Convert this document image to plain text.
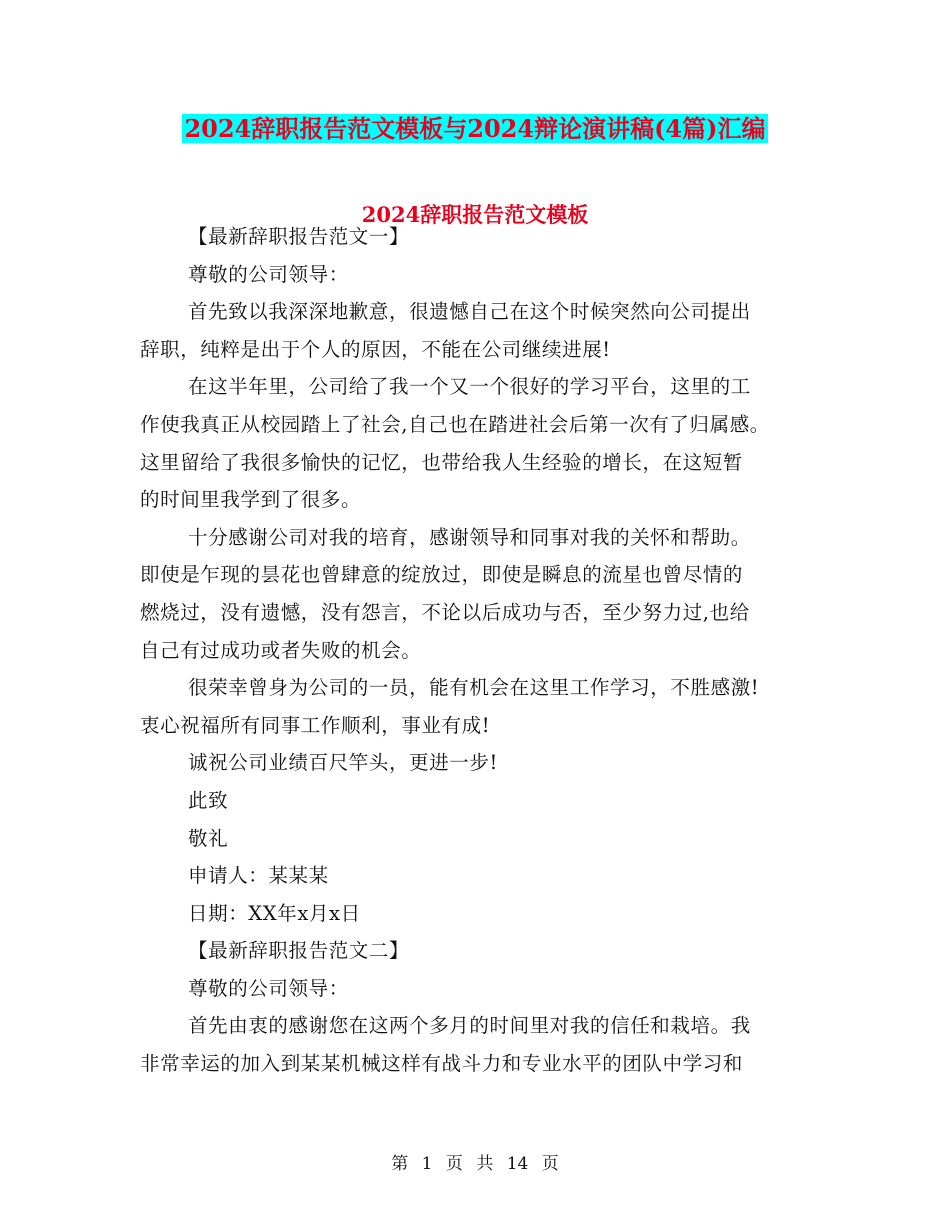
2024辞职报告范文模板与2024辩论演讲稿(4篇)汇编
2024辞职报告范文模板

【最新辞职报告范文一】

尊敬的公司领导：

首先致以我深深地歉意，很遗憾自己在这个时候突然向公司提出

辞职，纯粹是出于个人的原因，不能在公司继续进展!

在这半年里，公司给了我一个又一个很好的学习平台，这里的工

作使我真正从校园踏上了社会,自己也在踏进社会后第一次有了归属感。

这里留给了我很多愉快的记忆，也带给我人生经验的增长，在这短暂

的时间里我学到了很多。

十分感谢公司对我的培育，感谢领导和同事对我的关怀和帮助。

即使是乍现的昙花也曾肆意的绽放过，即使是瞬息的流星也曾尽情的

燃烧过，没有遗憾，没有怨言，不论以后成功与否，至少努力过,也给

自己有过成功或者失败的机会。

很荣幸曾身为公司的一员，能有机会在这里工作学习，不胜感激!

衷心祝福所有同事工作顺利，事业有成!

诚祝公司业绩百尺竿头，更进一步!

此致

敬礼

申请人：某某某

日期：XX年x月x日

【最新辞职报告范文二】

尊敬的公司领导：

首先由衷的感谢您在这两个多月的时间里对我的信任和栽培。我

非常幸运的加入到某某机械这样有战斗力和专业水平的团队中学习和

第 1 页 共 14 页
